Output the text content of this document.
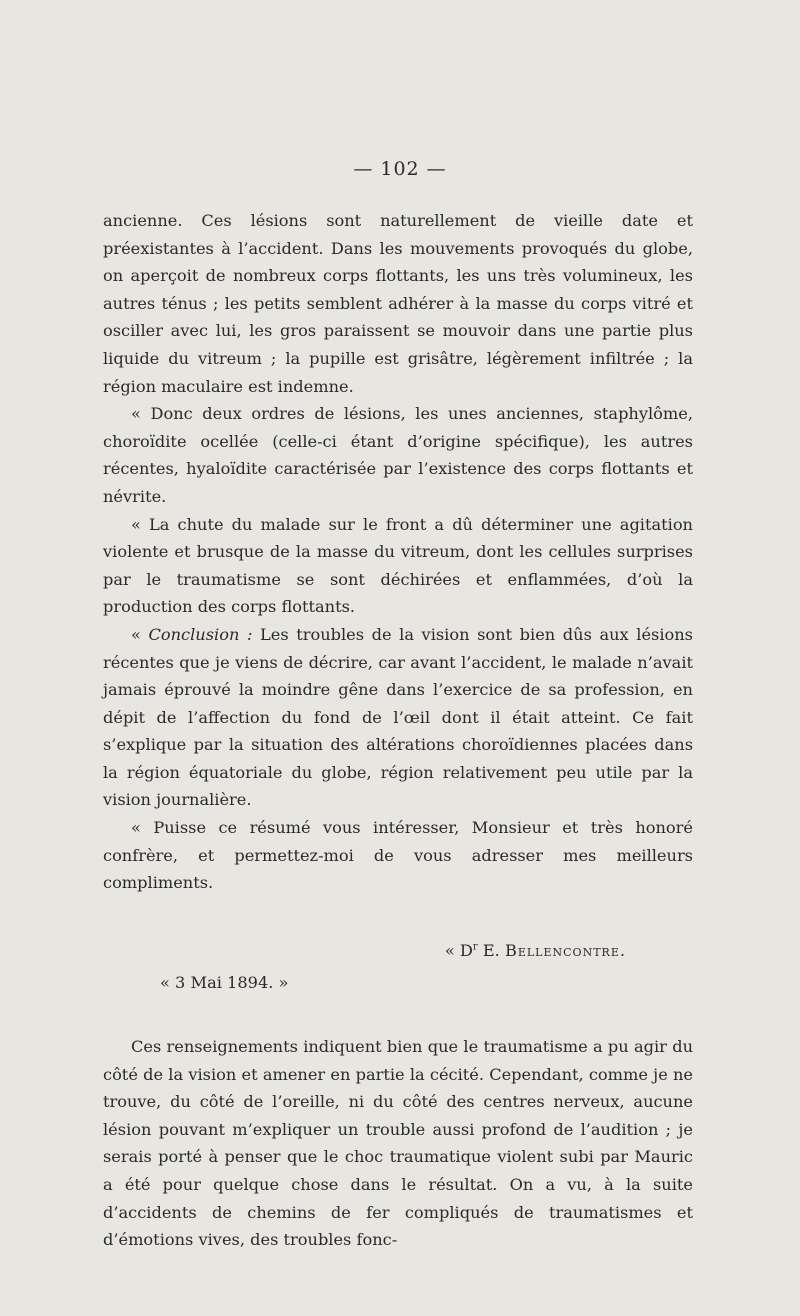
— 102 —

ancienne. Ces lésions sont naturellement de vieille date et préexistantes à l’accident. Dans les mouvements provoqués du globe, on aperçoit de nombreux corps flottants, les uns très volumineux, les autres ténus ; les petits semblent adhérer à la masse du corps vitré et osciller avec lui, les gros paraissent se mouvoir dans une partie plus liquide du vitreum ; la pupille est grisâtre, légèrement infiltrée ; la région maculaire est indemne.

« Donc deux ordres de lésions, les unes anciennes, staphylôme, choroïdite ocellée (celle-ci étant d’origine spécifique), les autres récentes, hyaloïdite caractérisée par l’existence des corps flottants et névrite.

« La chute du malade sur le front a dû déterminer une agitation violente et brusque de la masse du vitreum, dont les cellules surprises par le traumatisme se sont déchirées et enflammées, d’où la production des corps flottants.

« Conclusion : Les troubles de la vision sont bien dûs aux lésions récentes que je viens de décrire, car avant l’accident, le malade n’avait jamais éprouvé la moindre gêne dans l’exercice de sa profession, en dépit de l’affection du fond de l’œil dont il était atteint. Ce fait s’explique par la situation des altérations choroïdiennes placées dans la région équatoriale du globe, région relativement peu utile par la vision journalière.

« Puisse ce résumé vous intéresser, Monsieur et très honoré confrère, et permettez-moi de vous adresser mes meilleurs compliments.

« $D^r$ E. Bellencontre.
« 3 Mai 1894. »

Ces renseignements indiquent bien que le traumatisme a pu agir du côté de la vision et amener en partie la cécité. Cependant, comme je ne trouve, du côté de l’oreille, ni du côté des centres nerveux, aucune lésion pouvant m’expliquer un trouble aussi profond de l’audition ; je serais porté à penser que le choc traumatique violent subi par Mauric a été pour quelque chose dans le résultat. On a vu, à la suite d’accidents de chemins de fer compliqués de traumatismes et d’émotions vives, des troubles fonc-
